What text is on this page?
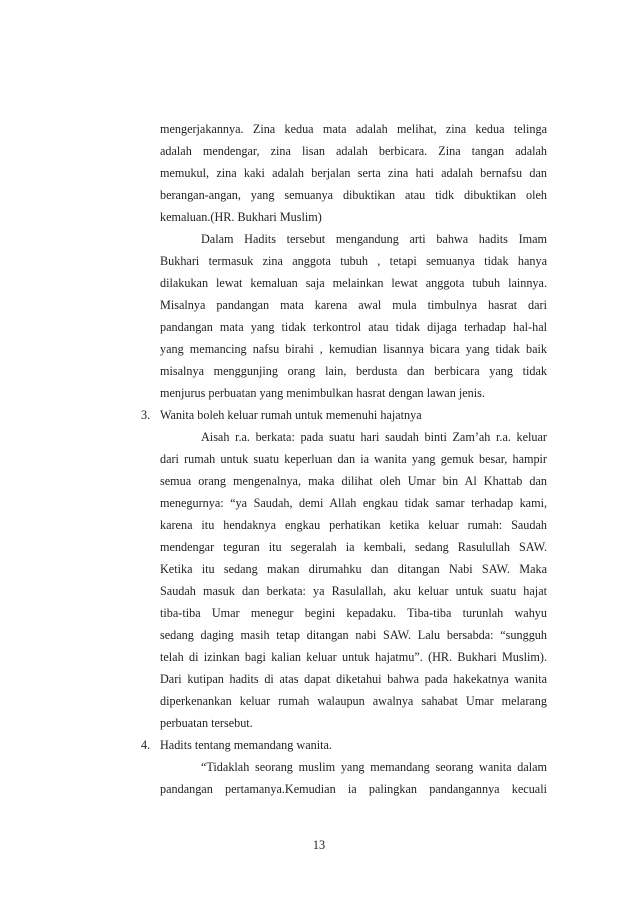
mengerjakannya. Zina kedua mata adalah melihat, zina kedua telinga
adalah mendengar, zina lisan adalah berbicara. Zina tangan adalah
memukul, zina kaki adalah berjalan serta zina hati adalah bernafsu dan
berangan-angan, yang semuanya dibuktikan atau tidk dibuktikan oleh
kemaluan.(HR. Bukhari Muslim)
Dalam Hadits tersebut mengandung arti bahwa hadits Imam
Bukhari termasuk zina anggota tubuh , tetapi semuanya tidak hanya
dilakukan lewat kemaluan saja melainkan lewat anggota tubuh lainnya.
Misalnya pandangan mata karena awal mula timbulnya hasrat dari
pandangan mata yang tidak terkontrol atau tidak dijaga terhadap hal-hal
yang memancing nafsu birahi , kemudian lisannya bicara yang tidak baik
misalnya menggunjing orang lain, berdusta dan berbicara yang tidak
menjurus perbuatan yang menimbulkan hasrat dengan lawan jenis.
3. Wanita boleh keluar rumah untuk memenuhi hajatnya
Aisah r.a. berkata: pada suatu hari saudah binti Zam’ah r.a. keluar
dari rumah untuk suatu keperluan dan ia wanita yang gemuk besar, hampir
semua orang mengenalnya, maka dilihat oleh Umar bin Al Khattab dan
menegurnya: “ya Saudah, demi Allah engkau tidak samar terhadap kami,
karena itu hendaknya engkau perhatikan ketika keluar rumah: Saudah
mendengar teguran itu segeralah ia kembali, sedang Rasulullah SAW.
Ketika itu sedang makan dirumahku dan ditangan Nabi SAW. Maka
Saudah masuk dan berkata: ya Rasulallah, aku keluar untuk suatu hajat
tiba-tiba Umar menegur begini kepadaku. Tiba-tiba turunlah wahyu
sedang daging masih tetap ditangan nabi SAW. Lalu bersabda: “sungguh
telah di izinkan bagi kalian keluar untuk hajatmu”. (HR. Bukhari Muslim).
Dari kutipan hadits di atas dapat diketahui bahwa pada hakekatnya wanita
diperkenankan keluar rumah walaupun awalnya sahabat Umar melarang
perbuatan tersebut.
4. Hadits tentang memandang wanita.
“Tidaklah seorang muslim yang memandang seorang wanita dalam
pandangan pertamanya.Kemudian ia palingkan pandangannya kecuali
13
